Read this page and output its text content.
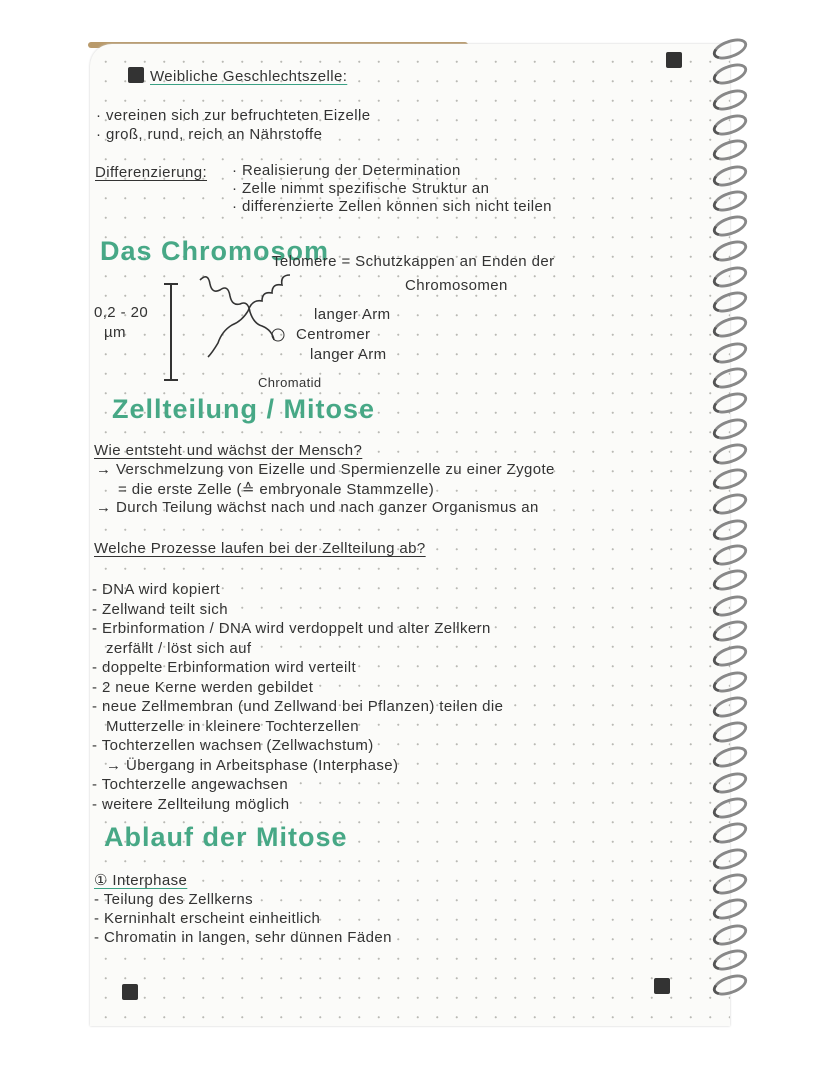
Weibliche Geschlechtszelle:
· vereinen sich zur befruchteten Eizelle
· groß, rund, reich an Nährstoffe
Differenzierung: · Realisierung der Determination
· Zelle nimmt spezifische Struktur an
· differenzierte Zellen können sich nicht teilen
Das Chromosom
Telomere = Schutzkappen an Enden der
Chromosomen
0,2 - 20
µm
langer Arm
Centromer
langer Arm
Chromatid
Zellteilung / Mitose
Wie entsteht und wächst der Mensch?
→ Verschmelzung von Eizelle und Spermienzelle zu einer Zygote
= die erste Zelle (≙ embryonale Stammzelle)
→ Durch Teilung wächst nach und nach ganzer Organismus an
Welche Prozesse laufen bei der Zellteilung ab?
- DNA wird kopiert
- Zellwand teilt sich
- Erbinformation / DNA wird verdoppelt und alter Zellkern
zerfällt / löst sich auf
- doppelte Erbinformation wird verteilt
- 2 neue Kerne werden gebildet
- neue Zellmembran (und Zellwand bei Pflanzen) teilen die
Mutterzelle in kleinere Tochterzellen
- Tochterzellen wachsen (Zellwachstum)
→ Übergang in Arbeitsphase (Interphase)
- Tochterzelle angewachsen
- weitere Zellteilung möglich
Ablauf der Mitose
① Interphase
- Teilung des Zellkerns
- Kerninhalt erscheint einheitlich
- Chromatin in langen, sehr dünnen Fäden
